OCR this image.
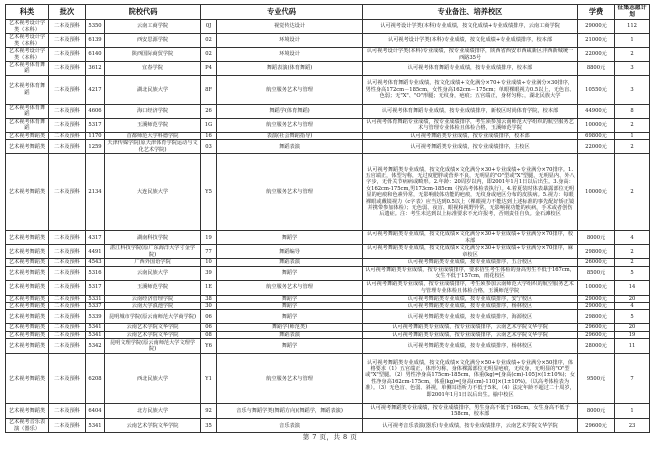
科类	批次	院校代码		专业代码		专业备注、培养校区	学费	征集志愿计划
艺术视考设计学类（本科）	二本及预科	5350	云南工商学院	0J	视觉传达设计	认可视考设计学类(本科)专业成绩，按文化成绩+专业成绩排序，云南工商学院	29000元	112
艺术视考设计学类（本科）	二本及预科	6139	西安思源学院	02	环境设计	认可视考设计学类(本科)专业成绩，按文化成绩+专业成绩排序，校本部	21000元	1
艺术视考设计学类（本科）	二本及预科	6140	陕西国际商贸学院	02	环境设计	认可视考设计学类(本科)专业成绩，按专业成绩排序，陕西省西安市西咸新区沣西新城统一西路35号	22000元	2
艺术视考体育舞蹈	二本及预科	3612	宜春学院	P4	舞蹈表演(体育舞蹈)	认可视考体育舞蹈专业成绩，按专业成绩排序，校本部	8800元	3
艺术视考体育舞蹈	二本及预科	4217	湖北民族大学	8F	航空服务艺术与管理	认可视考体育舞蹈专业成绩，按文化成绩+文化满分×70+专业成绩÷专业满分×30排序，男性身高172cm－185cm，女性身高162cm－175cm；单眼裸眼视力0.5以上，无色盲、色弱；无"X"、"O"形腿；无纹身，疤痕；五官端正，身材匀称；，湖北民族大学	10550元	3
艺术视考体育舞蹈	二本及预科	4606	海口经济学院	26	舞蹈学(体育舞蹈)	认可视考体育舞蹈专业成绩，按专业成绩排序，新校区时尚体育学院，校本部	44900元	8
艺术视考体育舞蹈	二本及预科	5317	玉溪师范学院	1G	航空服务艺术与管理	认可视考体育舞蹈专业成绩，按专业成绩排序，考生须参加云南师范大学组织的航空服务艺术与管理专业体检且体检合格，玉溪师范学院	10000元	2
艺术视考舞蹈类	二本及预科	1170	首都师范大学科德学院	16	表演(社会舞蹈指导)	认可视考舞蹈类专业成绩，按专业成绩排序，校本部	69800元	1
艺术视考舞蹈类	二本及预科	1259	天津传媒学院(原天津体育学院运动与文化艺术学院)	03	舞蹈表演	认可视考舞蹈类专业成绩，按专业成绩排序，主校区	22000元	2
艺术视考舞蹈类	二本及预科	2134	大连民族大学	Y5	航空服务艺术与管理	认可视考舞蹈类专业成绩，按文化成绩×文化满分×30+专业成绩÷专业满分×70排序。1.五官端正，体型匀称，无过度肥胖或营养不良，无明显的"O"型或"X"型腿，无明显内、外八字步，无骨关节病病或畸形。2.年龄：20周岁以内，即2001年1月1日以后出生。3.身高：女162cm-175cm,男173cm-185cm（按高考体检表执行）。4.着夏装时体表暴露部位无明显的疤痕和色素异常，无影响肢体功能的疤痕，无纹身或疤区分布的皮肤病。5.视力：每眼裸眼或戴镜视力（c字表）应当达到0.5以上（裸眼视力不能达到上述标准的事先配好矫正镜并携带参加体检）；无色弱、夜盲、眼视和视野异常，无影响视功能的疾病，手术或者创伤后遗症。注：考生未达到以上标准要求不允许报考，否则责任自负。金石滩校区	10000元	2
艺术视考舞蹈类	二本及预科	4317	湖南科技学院	19	舞蹈学	认可视考舞蹈类专业成绩，按文化成绩×文化满分×30+专业成绩÷专业满分×70排序，校本部	8000元	4
艺术视考舞蹈类	二本及预科	4491	湛江科技学院(原广东海洋大学寸金学院)	77	舞蹈编导	认可视考舞蹈类专业成绩，按文化成绩×文化满分×30+专业成绩÷专业满分×70排序，麻章校区	29800元	2
艺术视考舞蹈类	二本及预科	4543	广西外国语学院	10	舞蹈表演	认可视考舞蹈类专业成绩，按专业成绩排序，五合校区	26000元	2
艺术视考舞蹈类	二本及预科	5316	云南民族大学	39	舞蹈学	认可视考舞蹈类专业成绩，按专业成绩排序，要求招生考生体检的身高男生不低于167cm，女生不低于157cm，雨花校区	8500元	5
艺术视考舞蹈类	二本及预科	5317	玉溪师范学院	1E	航空服务艺术与管理	认可视考舞蹈类专业成绩，按专业成绩排序，考生须参加云南师范大学组织的航空服务艺术与管理专业体检且体检合格，玉溪师范学院	10000元	14
艺术视考舞蹈类	二本及预科	5331	云南经济管理学院	38	舞蹈学	认可视考舞蹈类专业成绩，按专业成绩排序，安宁校区	29000元	20
艺术视考舞蹈类	二本及预科	5337	云南大学滇池学院	30	舞蹈学	认可视考舞蹈类专业成绩，按专业成绩排序，杨林校区	29000元	4
艺术视考舞蹈类	二本及预科	5339	昆明城市学院(原云南师范大学商学院)	06	舞蹈学	认可视考舞蹈类专业成绩，按专业成绩排序，海源校区	29800元	5
艺术视考舞蹈类	二本及预科	5341	云南艺术学院文华学院	06	舞蹈学(师范类)	认可视考舞蹈类专业成绩，按专业成绩排序，云南艺术学院文华学院	29600元	20
艺术视考舞蹈类	二本及预科	5341	云南艺术学院文华学院	08	舞蹈表演	认可视考舞蹈类专业成绩，按专业成绩排序，云南艺术学院文华学院	29600元	19
艺术视考舞蹈类	二本及预科	5342	昆明文理学院(原云南师范大学文理学院)	Y6	舞蹈学	认可视考舞蹈类专业成绩，按专业成绩排序，杨林校区	28000元	11
艺术视考舞蹈类	二本及预科	6208	西北民族大学	Y1	航空服务艺术与管理	认可视考舞蹈类专业成绩，按文化成绩×文化满分×50+专业成绩÷专业满分×50排序，体格要求（1）五官端正，体形匀称，身体裸露部位无明显疤痕，无纹身，无明显的"O"型或"X"型腿。（2）男性净身高175cm-185cm，体重(kg)=[身高(cm)-105]×(1±10%)；女性净身高162cm-175cm，体重(kg)=[身高(cm)-110]×(1±10%)。（以高考体检表为准）。（3）无色盲、色弱、斜视，单侧耳语听力不低于5米。（4）法定年龄不超过二十周岁，即2001年1月1日以后出生。榆中校区	9500元	7
艺术视考舞蹈类	二本及预科	6404	北方民族大学	92	音乐与舞蹈学类(舞蹈方向)(舞蹈学，舞蹈表演)	认可视考舞蹈类专业成绩，按专业成绩排序，男生身高不低于168cm，女生身高不低于158cm，校本部	8000元	1
艺术视考音乐表演（器乐）	二本及预科	5341	云南艺术学院文华学院	35	音乐表演	认可视考音乐表演(器乐)专业成绩，按专业成绩排序，云南艺术学院文华学院	29600元	23
第 7 页，共 8 页
